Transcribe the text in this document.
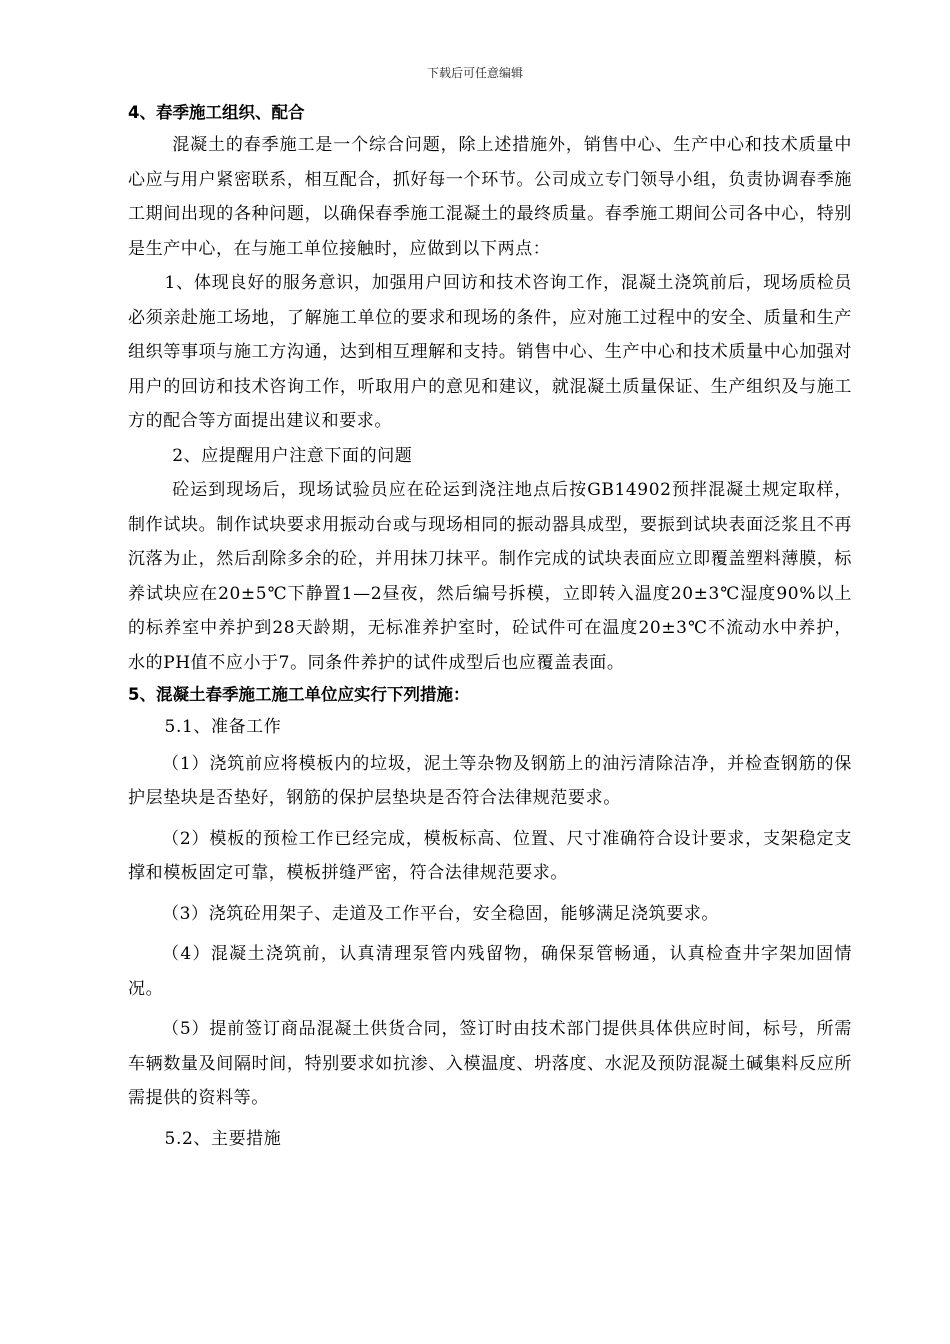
下载后可任意编辑
4、春季施工组织、配合

混凝土的春季施工是一个综合问题，除上述措施外，销售中心、生产中心和技术质量中心应与用户紧密联系，相互配合，抓好每一个环节。公司成立专门领导小组，负责协调春季施工期间出现的各种问题，以确保春季施工混凝土的最终质量。春季施工期间公司各中心，特别是生产中心，在与施工单位接触时，应做到以下两点：

1、体现良好的服务意识，加强用户回访和技术咨询工作，混凝土浇筑前后，现场质检员必须亲赴施工场地，了解施工单位的要求和现场的条件，应对施工过程中的安全、质量和生产组织等事项与施工方沟通，达到相互理解和支持。销售中心、生产中心和技术质量中心加强对用户的回访和技术咨询工作，听取用户的意见和建议，就混凝土质量保证、生产组织及与施工方的配合等方面提出建议和要求。

2、应提醒用户注意下面的问题

砼运到现场后，现场试验员应在砼运到浇注地点后按GB14902预拌混凝土规定取样，制作试块。制作试块要求用振动台或与现场相同的振动器具成型，要振到试块表面泛浆且不再沉落为止，然后刮除多余的砼，并用抹刀抹平。制作完成的试块表面应立即覆盖塑料薄膜，标养试块应在20±5℃下静置1—2昼夜，然后编号拆模，立即转入温度20±3℃湿度90%以上的标养室中养护到28天龄期，无标准养护室时，砼试件可在温度20±3℃不流动水中养护，水的PH值不应小于7。同条件养护的试件成型后也应覆盖表面。

5、混凝土春季施工施工单位应实行下列措施：

5.1、准备工作

（1）浇筑前应将模板内的垃圾，泥土等杂物及钢筋上的油污清除洁净，并检查钢筋的保护层垫块是否垫好，钢筋的保护层垫块是否符合法律规范要求。

（2）模板的预检工作已经完成，模板标高、位置、尺寸准确符合设计要求，支架稳定支撑和模板固定可靠，模板拼缝严密，符合法律规范要求。

（3）浇筑砼用架子、走道及工作平台，安全稳固，能够满足浇筑要求。

（4）混凝土浇筑前，认真清理泵管内残留物，确保泵管畅通，认真检查井字架加固情况。

（5）提前签订商品混凝土供货合同，签订时由技术部门提供具体供应时间，标号，所需车辆数量及间隔时间，特别要求如抗渗、入模温度、坍落度、水泥及预防混凝土碱集料反应所需提供的资料等。

5.2、主要措施
